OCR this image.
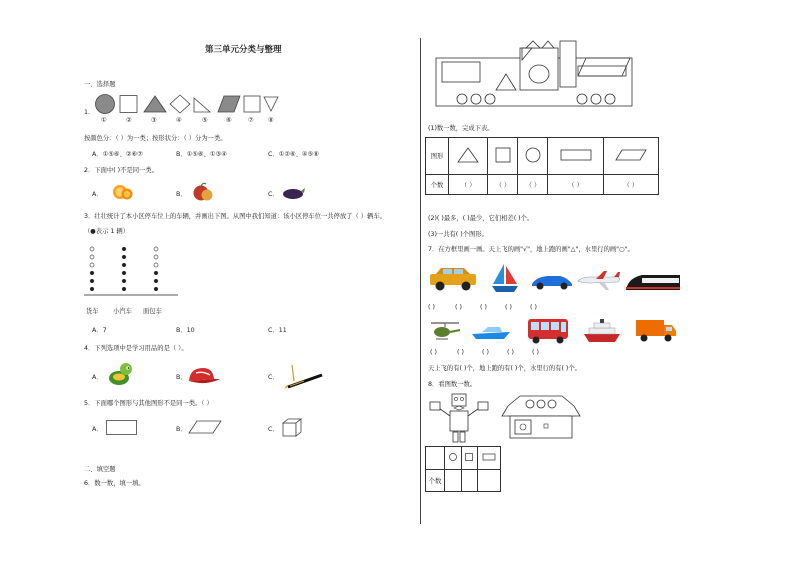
第三单元分类与整理
一、选择题
1.
①	②	③	④	⑤	⑥	⑦ ⑧
按颜色分：（ ）为一类；按形状分：（ ）分为一类。
A．①⑤⑥、②⑥⑦	B．①⑤⑥、①③④	C．①②⑥、④⑤⑧
2．下面中( )不是同一类。
A．	B．	C．
3．壮壮统计了本小区停车位上的车辆，并画出下图。从图中我们知道：该小区停车位一共停放了（ ）辆车。
（●表示 1 辆）
货车 小汽车 面包车
A．7	B．10	C．11
4．下列选项中是学习用品的是（ ）。
A．	B．	C．
5．下面哪个图形与其他图形不是同一类。（ ）
A．	B．	C．
二、填空题
6．数一数，填一填。
(1)数一数，完成下表。
图形					
个数	（ ）	（ ）	（ ）	（ ）	（ ）
(2)( )最多，( )最少，它们相差( )个。
(3)一共有( )个图形。
7．在方框里画一画。天上飞的画"√"，地上跑的画"△"，水里行的画"○"。
( )	( )	( )	( )	( )
( )	( )	( )	( )	( )
天上飞的有( )个，地上跑的有( )个，水里行的有( )个。
8．看图数一数。

个数			
